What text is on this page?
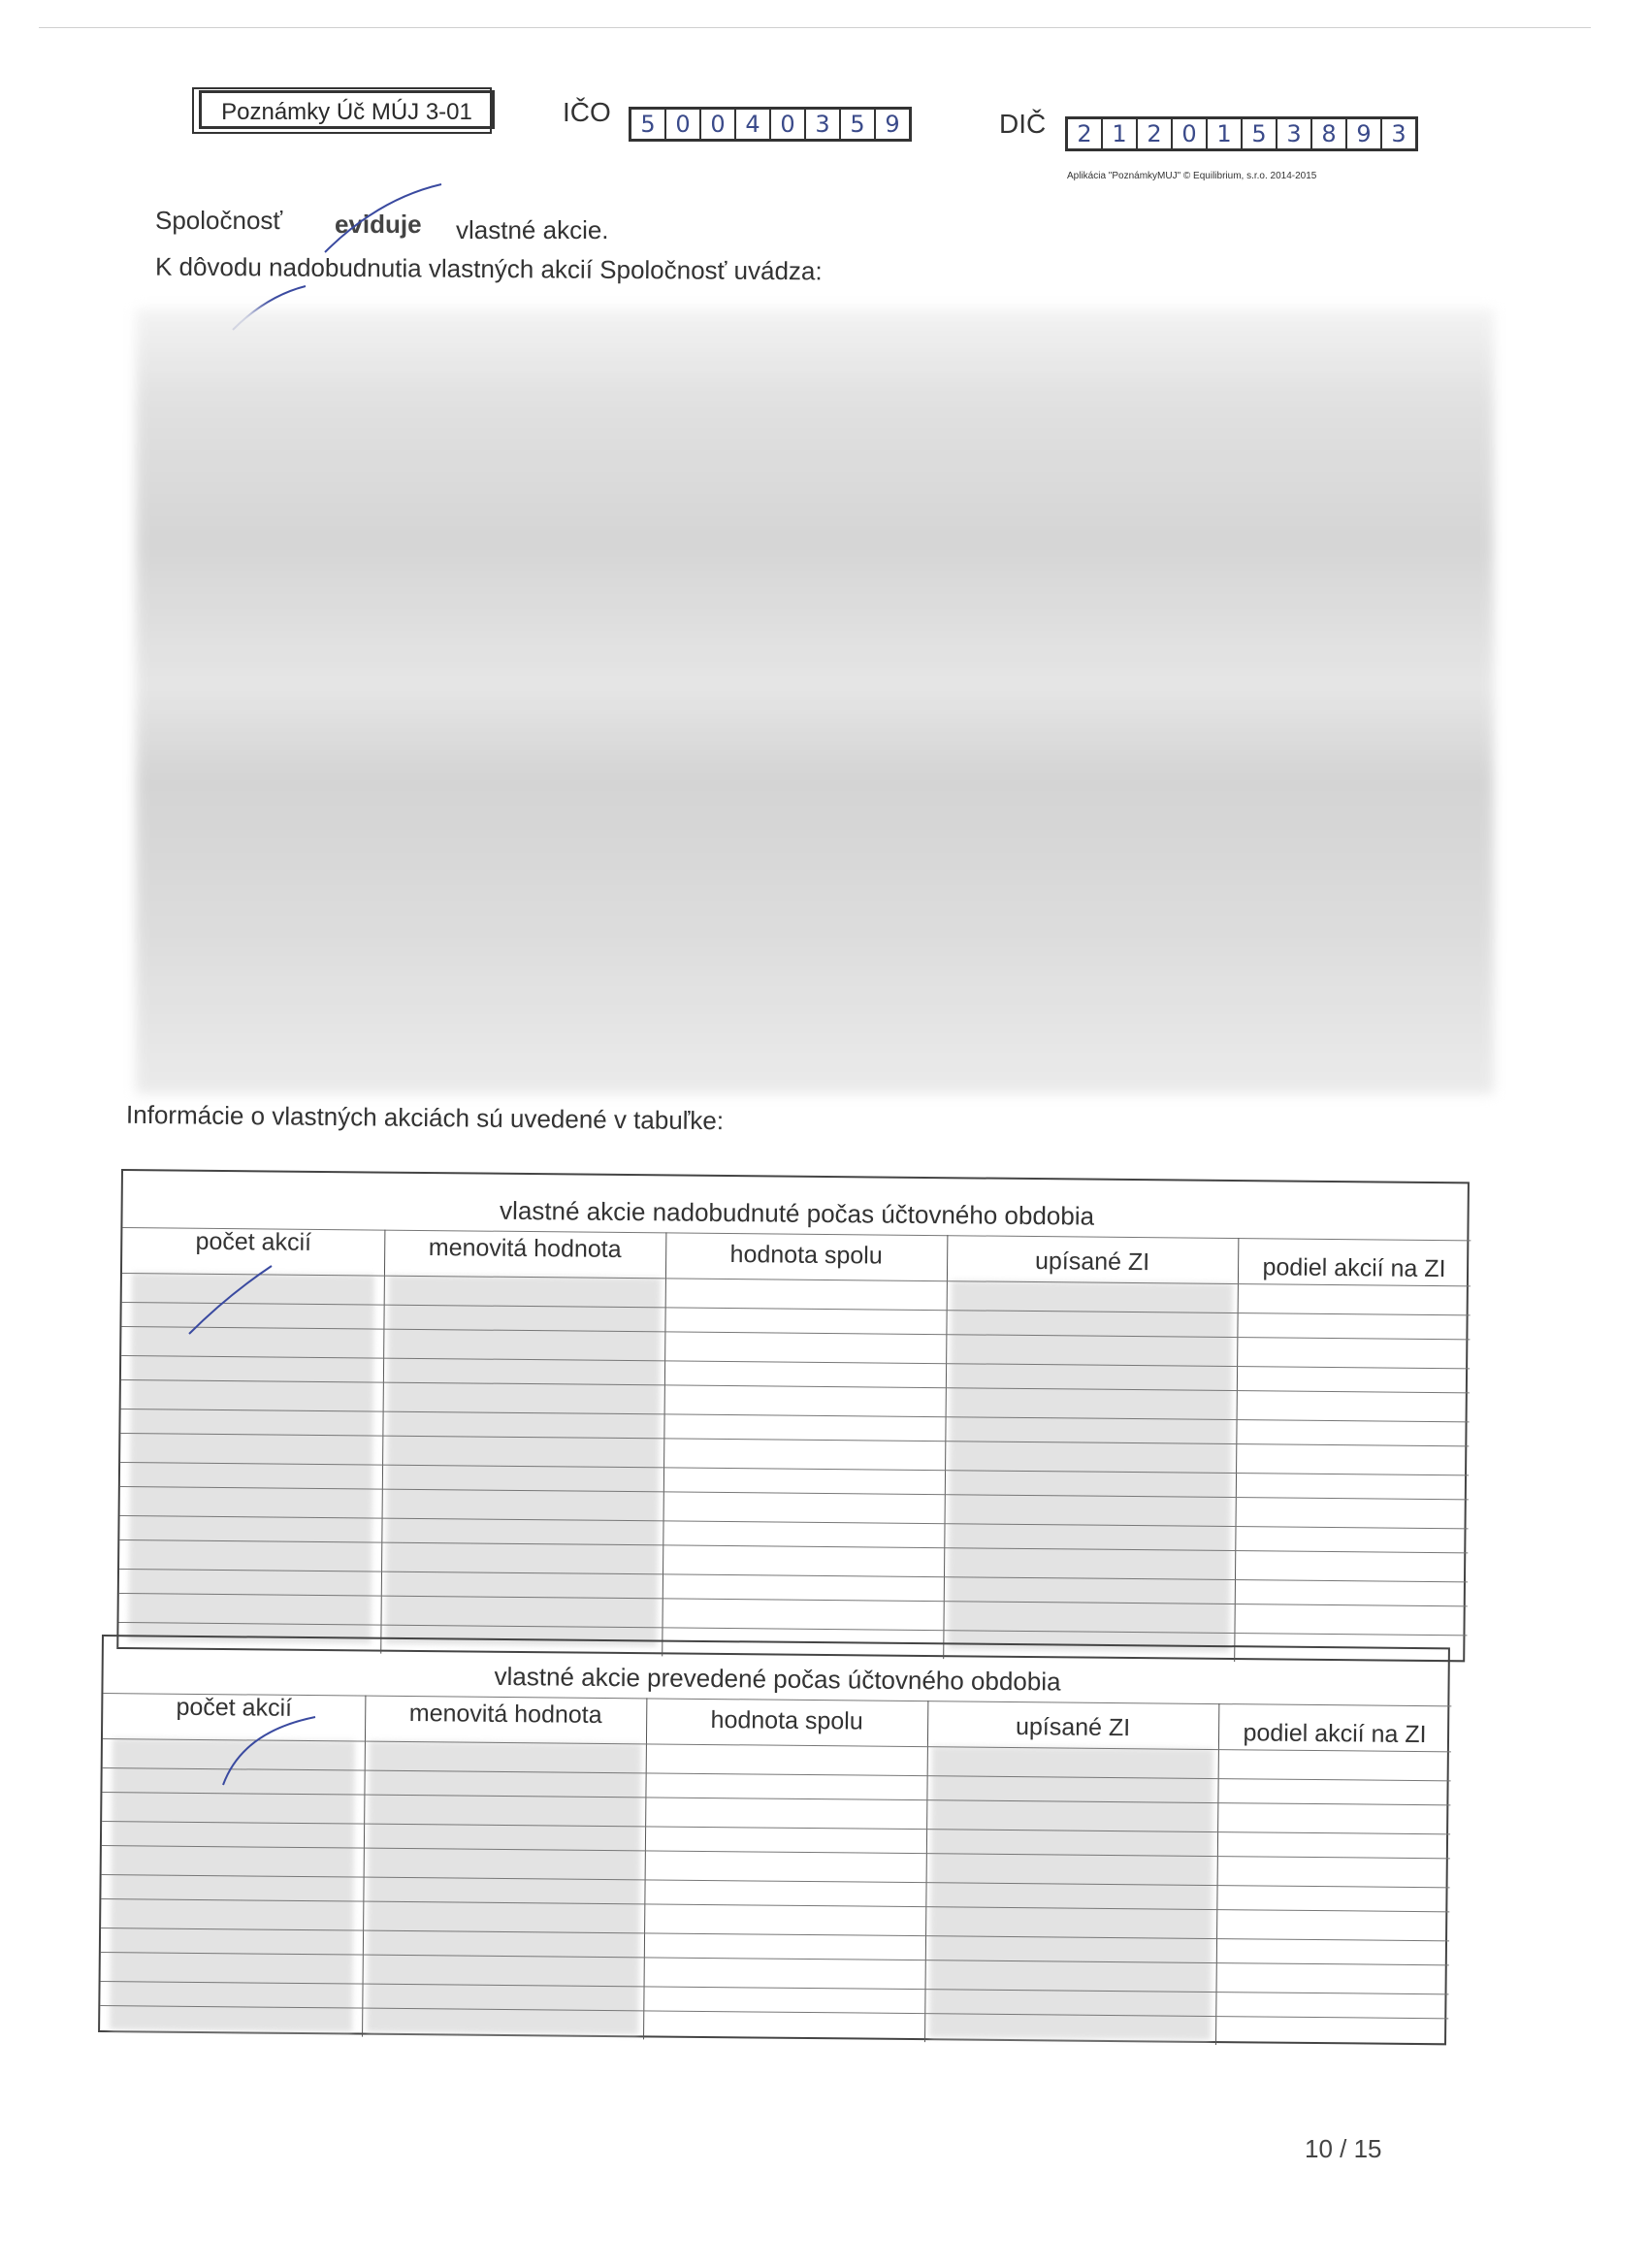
Poznámky Úč MÚJ 3-01	IČO	5 0 0 4 0 3 5 9	DIČ	2 1 2 0 1 5 3 8 9 3
Aplikácia "PoznámkyMUJ" © Equilibrium, s.r.o. 2014-2015
Spoločnosť eviduje vlastné akcie.
K dôvodu nadobudnutia vlastných akcií Spoločnosť uvádza:
Informácie o vlastných akciách sú uvedené v tabuľke:
vlastné akcie nadobudnuté počas účtovného obdobia
počet akcií	menovitá hodnota	hodnota spolu	upísané ZI	podiel akcií na ZI
vlastné akcie prevedené počas účtovného obdobia
počet akcií	menovitá hodnota	hodnota spolu	upísané ZI	podiel akcií na ZI
10 / 15
